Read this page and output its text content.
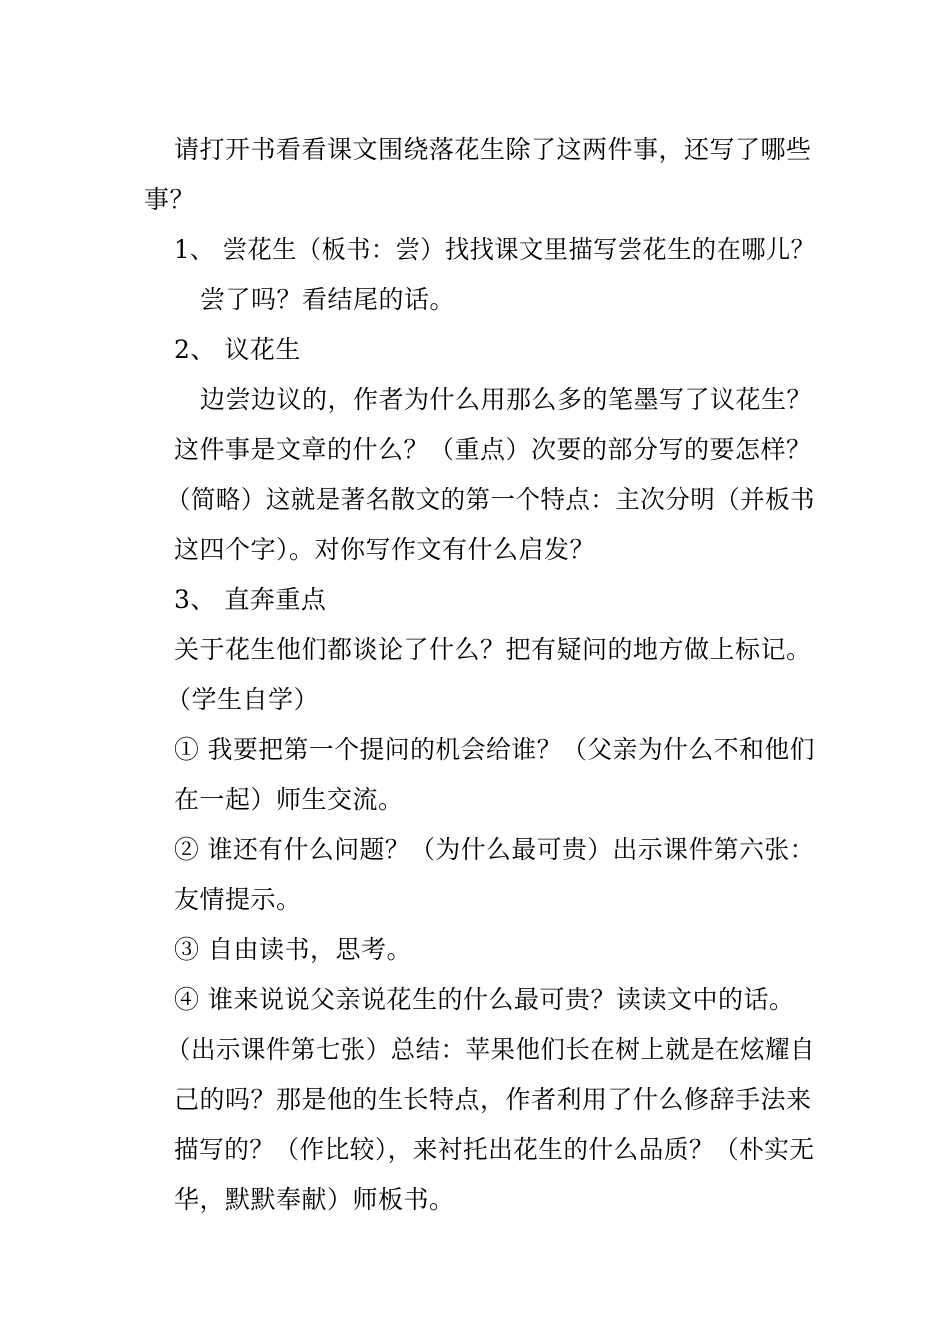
请打开书看看课文围绕落花生除了这两件事，还写了哪些
事？
1、 尝花生（板书：尝）找找课文里描写尝花生的在哪儿？
尝了吗？看结尾的话。
2、 议花生
边尝边议的，作者为什么用那么多的笔墨写了议花生？
这件事是文章的什么？（重点）次要的部分写的要怎样？
（简略）这就是著名散文的第一个特点：主次分明（并板书
这四个字）。对你写作文有什么启发？
3、 直奔重点
关于花生他们都谈论了什么？把有疑问的地方做上标记。
（学生自学）
① 我要把第一个提问的机会给谁？（父亲为什么不和他们
在一起）师生交流。
② 谁还有什么问题？（为什么最可贵）出示课件第六张：
友情提示。
③ 自由读书，思考。
④ 谁来说说父亲说花生的什么最可贵？读读文中的话。
（出示课件第七张）总结：苹果他们长在树上就是在炫耀自
己的吗？那是他的生长特点，作者利用了什么修辞手法来
描写的？（作比较），来衬托出花生的什么品质？（朴实无
华，默默奉献）师板书。
